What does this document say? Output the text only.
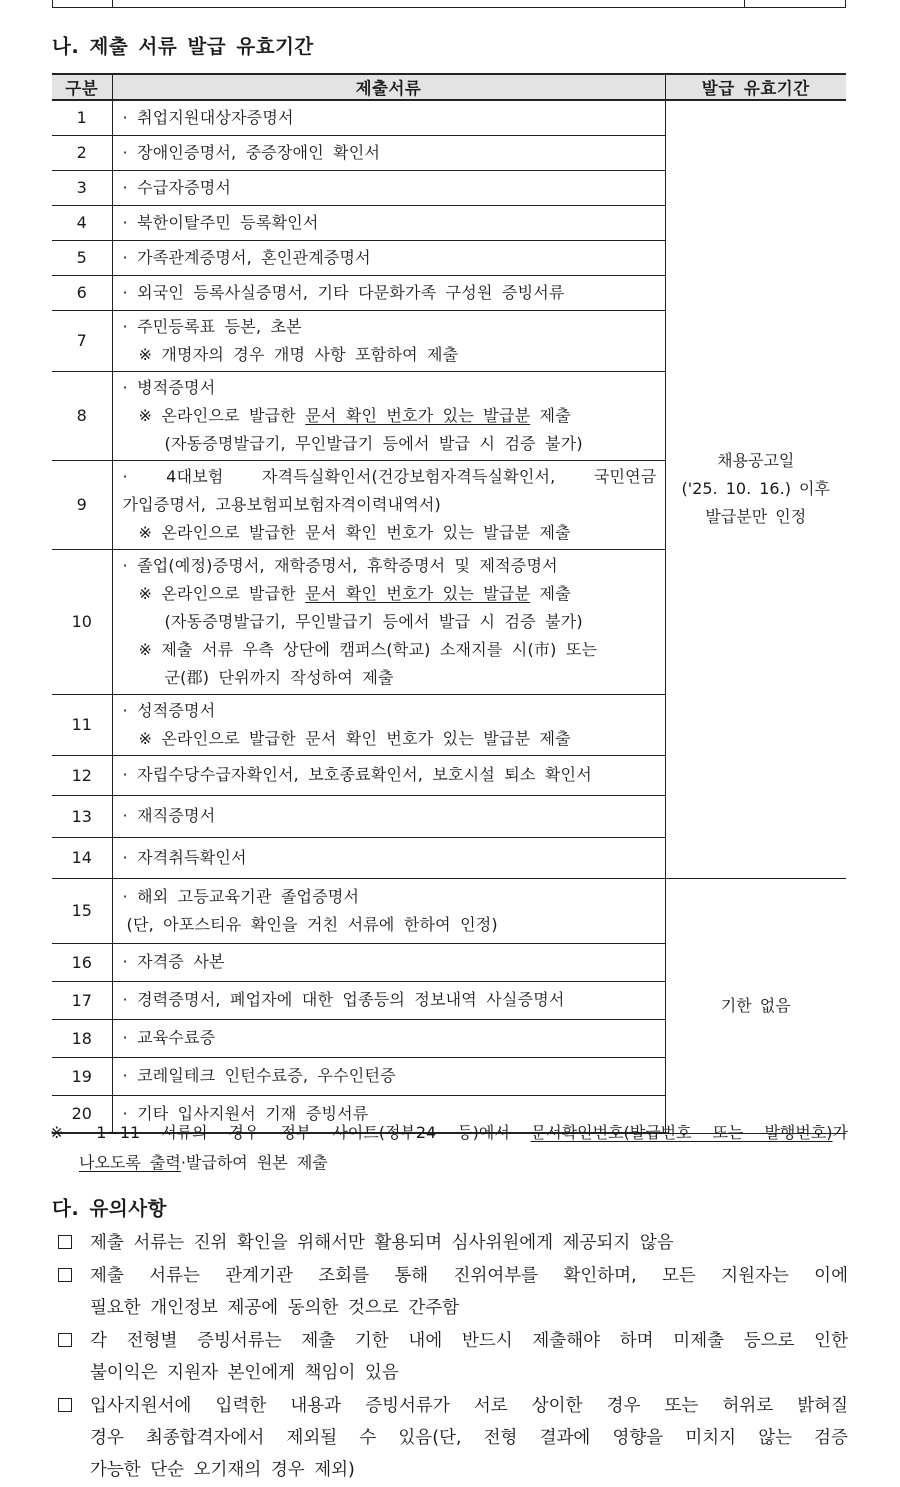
나. 제출 서류 발급 유효기간
구분	제출서류	발급 유효기간
1	· 취업지원대상자증명서	채용공고일
('25. 10. 16.) 이후
발급분만 인정

2	· 장애인증명서, 중증장애인 확인서	

3	· 수급자증명서	

4	· 북한이탈주민 등록확인서	

5	· 가족관계증명서, 혼인관계증명서	

6	· 외국인 등록사실증명서, 기타 다문화가족 구성원 증빙서류	

7	· 주민등록표 등본, 초본
※ 개명자의 경우 개명 사항 포함하여 제출	

8	· 병적증명서
※ 온라인으로 발급한 문서 확인 번호가 있는 발급분 제출
(자동증명발급기, 무인발급기 등에서 발급 시 검증 불가)	

9	· 4대보험 자격득실확인서(건강보험자격득실확인서, 국민연금
가입증명서, 고용보험피보험자격이력내역서)
※ 온라인으로 발급한 문서 확인 번호가 있는 발급분 제출	

10	· 졸업(예정)증명서, 재학증명서, 휴학증명서 및 제적증명서
※ 온라인으로 발급한 문서 확인 번호가 있는 발급분 제출
(자동증명발급기, 무인발급기 등에서 발급 시 검증 불가)
※ 제출 서류 우측 상단에 캠퍼스(학교) 소재지를 시(市) 또는
군(郡) 단위까지 작성하여 제출	

11	· 성적증명서
※ 온라인으로 발급한 문서 확인 번호가 있는 발급분 제출	

12	· 자립수당수급자확인서, 보호종료확인서, 보호시설 퇴소 확인서	

13	· 재직증명서	

14	· 자격취득확인서	

15	· 해외 고등교육기관 졸업증명서
(단, 아포스티유 확인을 거친 서류에 한하여 인정)	기한 없음
16	· 자격증 사본	

17	· 경력증명서, 폐업자에 대한 업종등의 정보내역 사실증명서	

18	· 교육수료증	

19	· 코레일테크 인턴수료증, 우수인턴증	

20	· 기타 입사지원서 기재 증빙서류	
※ 1~11 서류의 경우 정부 사이트(정부24 등)에서 문서확인번호(발급번호 또는 발행번호)가
나오도록 출력·발급하여 원본 제출
다. 유의사항
제출 서류는 진위 확인을 위해서만 활용되며 심사위원에게 제공되지 않음
제출 서류는 관계기관 조회를 통해 진위여부를 확인하며, 모든 지원자는 이에
필요한 개인정보 제공에 동의한 것으로 간주함
각 전형별 증빙서류는 제출 기한 내에 반드시 제출해야 하며 미제출 등으로 인한
불이익은 지원자 본인에게 책임이 있음
입사지원서에 입력한 내용과 증빙서류가 서로 상이한 경우 또는 허위로 밝혀질
경우 최종합격자에서 제외될 수 있음(단, 전형 결과에 영향을 미치지 않는 검증
가능한 단순 오기재의 경우 제외)
